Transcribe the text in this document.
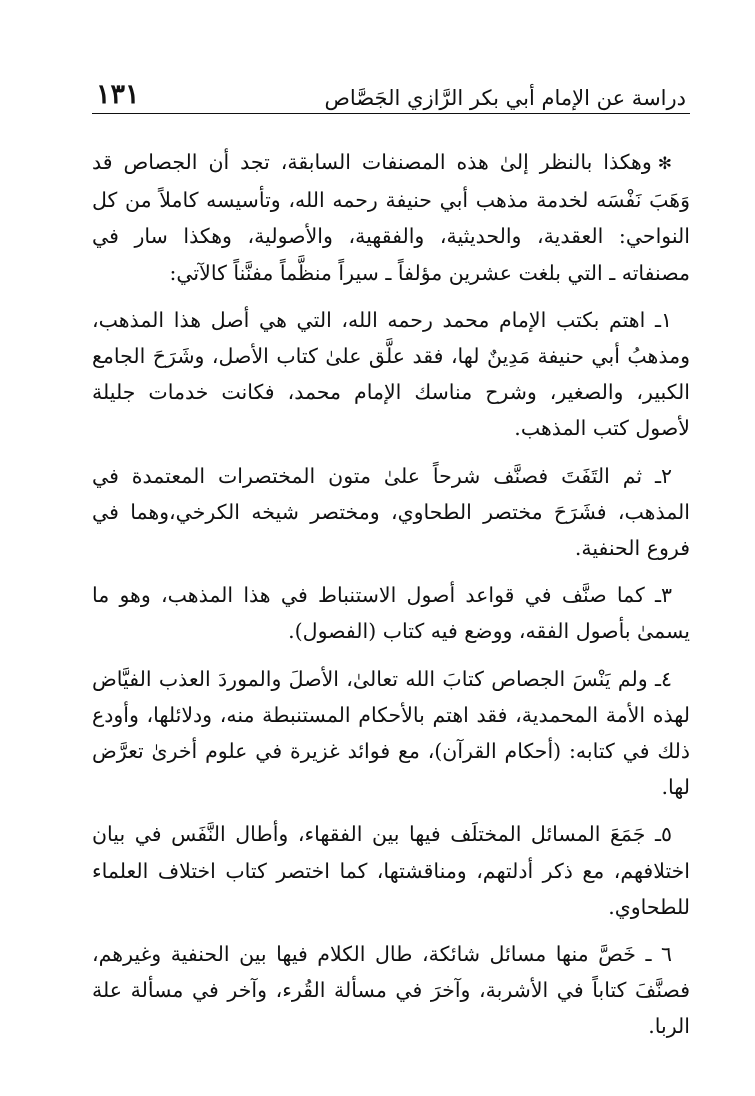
دراسة عن الإمام أبي بكر الرَّازي الجَصَّاص
١٣١

✻وهكذا بالنظر إلىٰ هذه المصنفات السابقة، تجد أن الجصاص قد وَهَبَ نَفْسَه لخدمة مذهب أبي حنيفة رحمه الله، وتأسيسه كاملاً من كل النواحي: العقدية، والحديثية، والفقهية، والأصولية، وهكذا سار في مصنفاته ـ التي بلغت عشرين مؤلفاً ـ سيراً منظَّماً مفنَّناً كالآتي:

١ـ اهتم بكتب الإمام محمد رحمه الله، التي هي أصل هذا المذهب، ومذهبُ أبي حنيفة مَدِينٌ لها، فقد علَّق علىٰ كتاب الأصل، وشَرَحَ الجامع الكبير، والصغير، وشرح مناسك الإمام محمد، فكانت خدمات جليلة لأصول كتب المذهب.

٢ـ ثم التَفَتَ فصنَّف شرحاً علىٰ متون المختصرات المعتمدة في المذهب، فشَرَحَ مختصر الطحاوي، ومختصر شيخه الكرخي،وهما في فروع الحنفية.

٣ـ كما صنَّف في قواعد أصول الاستنباط في هذا المذهب، وهو ما يسمىٰ بأصول الفقه، ووضع فيه كتاب (الفصول).

٤ـ ولم يَنْسَ الجصاص كتابَ الله تعالىٰ، الأصلَ والموردَ العذب الفيَّاض لهذه الأمة المحمدية، فقد اهتم بالأحكام المستنبطة منه، ودلائلها، وأودع ذلك في كتابه: (أحكام القرآن)، مع فوائد غزيرة في علوم أخرىٰ تعرَّض لها.

٥ـ جَمَعَ المسائل المختلَف فيها بين الفقهاء، وأطال النَّفَس في بيان اختلافهم، مع ذكر أدلتهم، ومناقشتها، كما اختصر كتاب اختلاف العلماء للطحاوي.

٦ ـ خَصَّ منها مسائل شائكة، طال الكلام فيها بين الحنفية وغيرهم، فصنَّفَ كتاباً في الأشربة، وآخرَ في مسألة القُرء، وآخر في مسألة علة الربا.
